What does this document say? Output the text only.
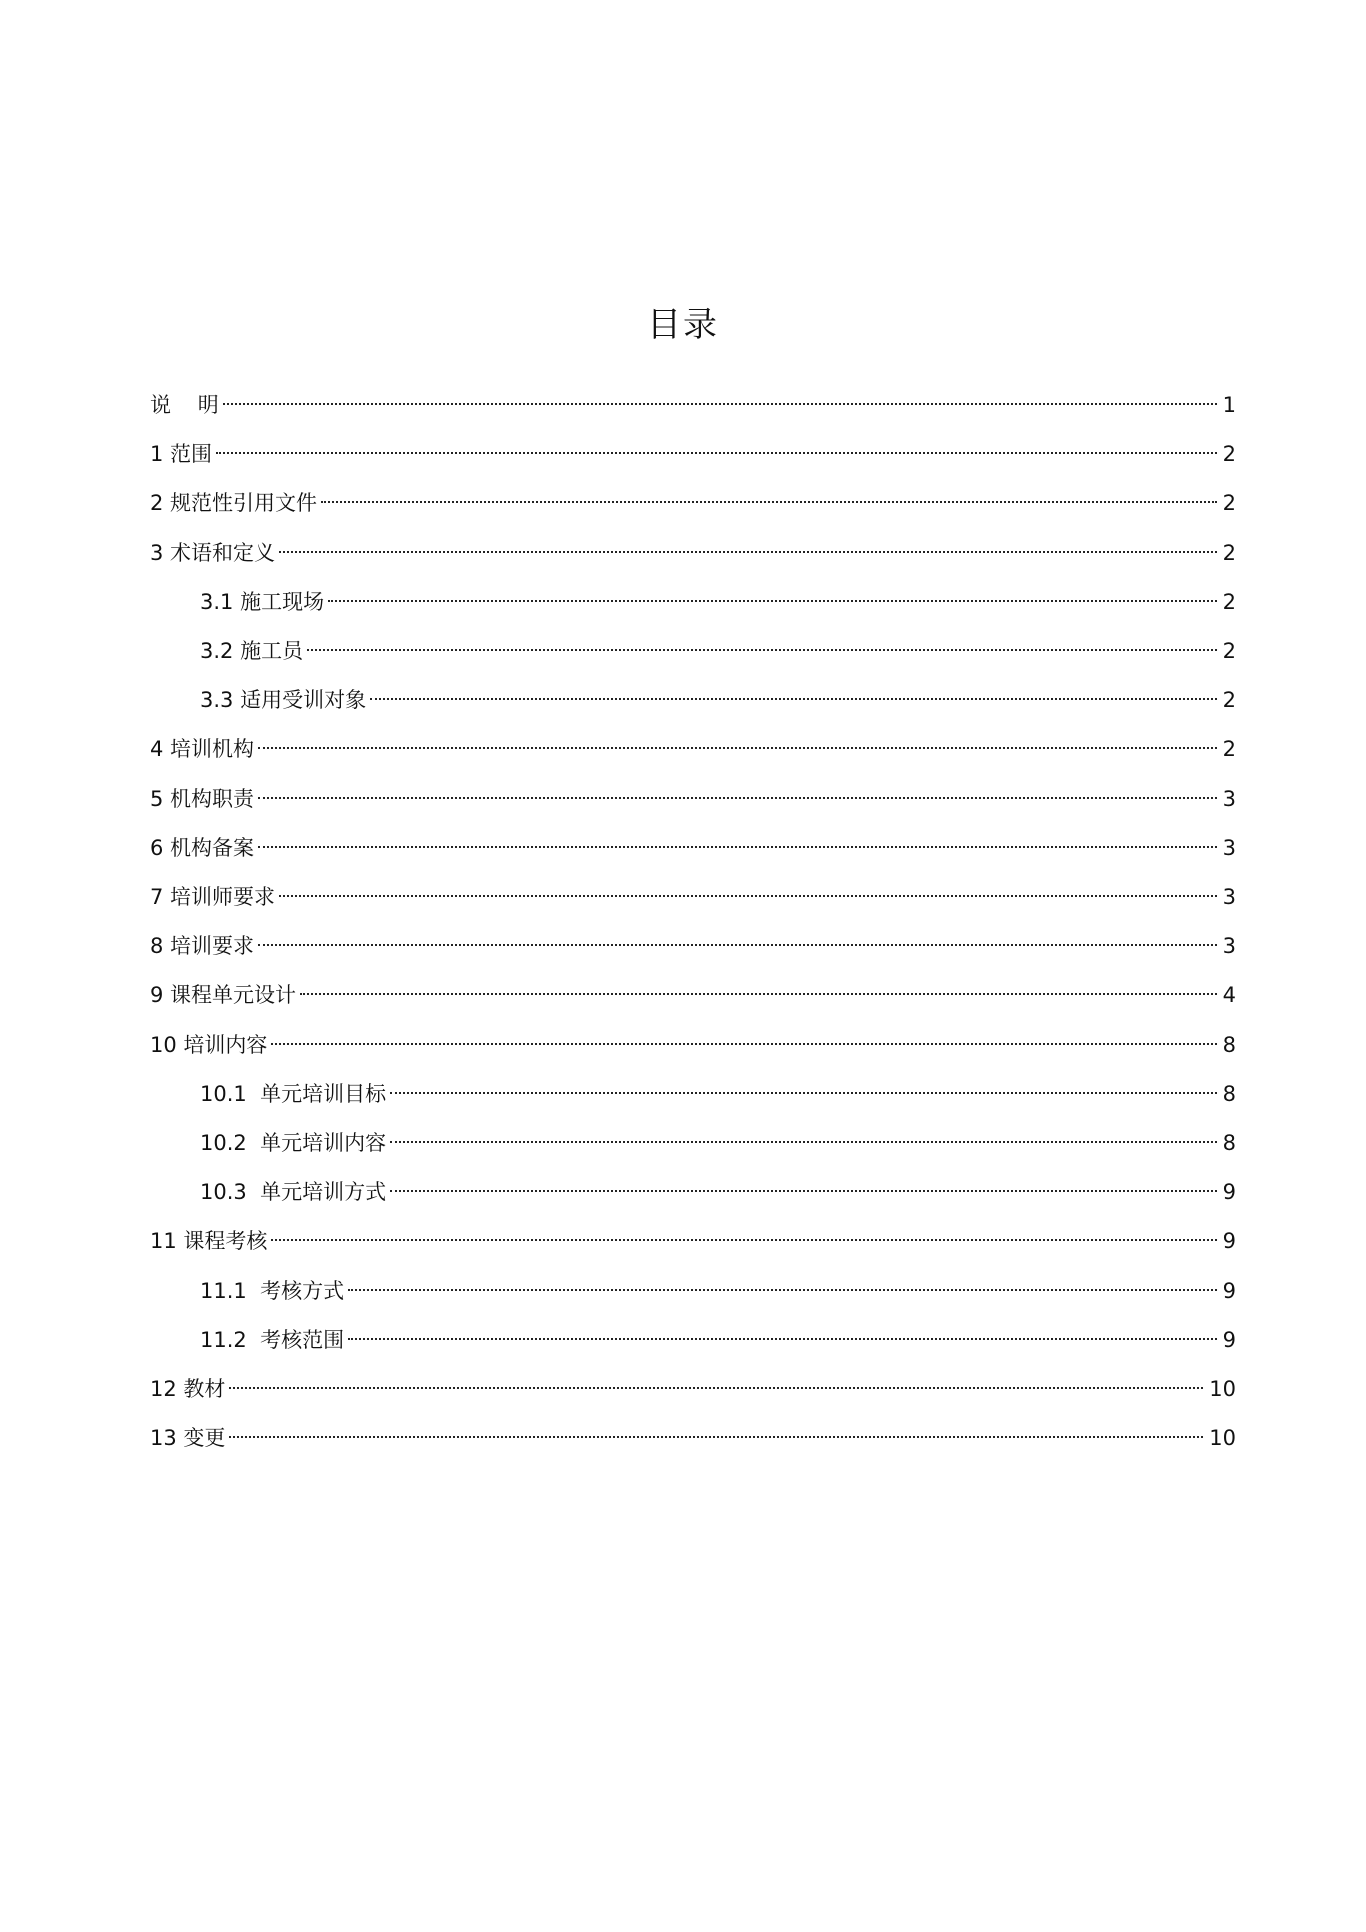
目录
说    明	1
1 范围	2
2 规范性引用文件	2
3 术语和定义	2
3.1 施工现场	2
3.2 施工员	2
3.3 适用受训对象	2
4 培训机构	2
5 机构职责	3
6 机构备案	3
7 培训师要求	3
8 培训要求	3
9 课程单元设计	4
10 培训内容	8
10.1  单元培训目标	8
10.2  单元培训内容	8
10.3  单元培训方式	9
11 课程考核	9
11.1  考核方式	9
11.2  考核范围	9
12 教材	10
13 变更	10
